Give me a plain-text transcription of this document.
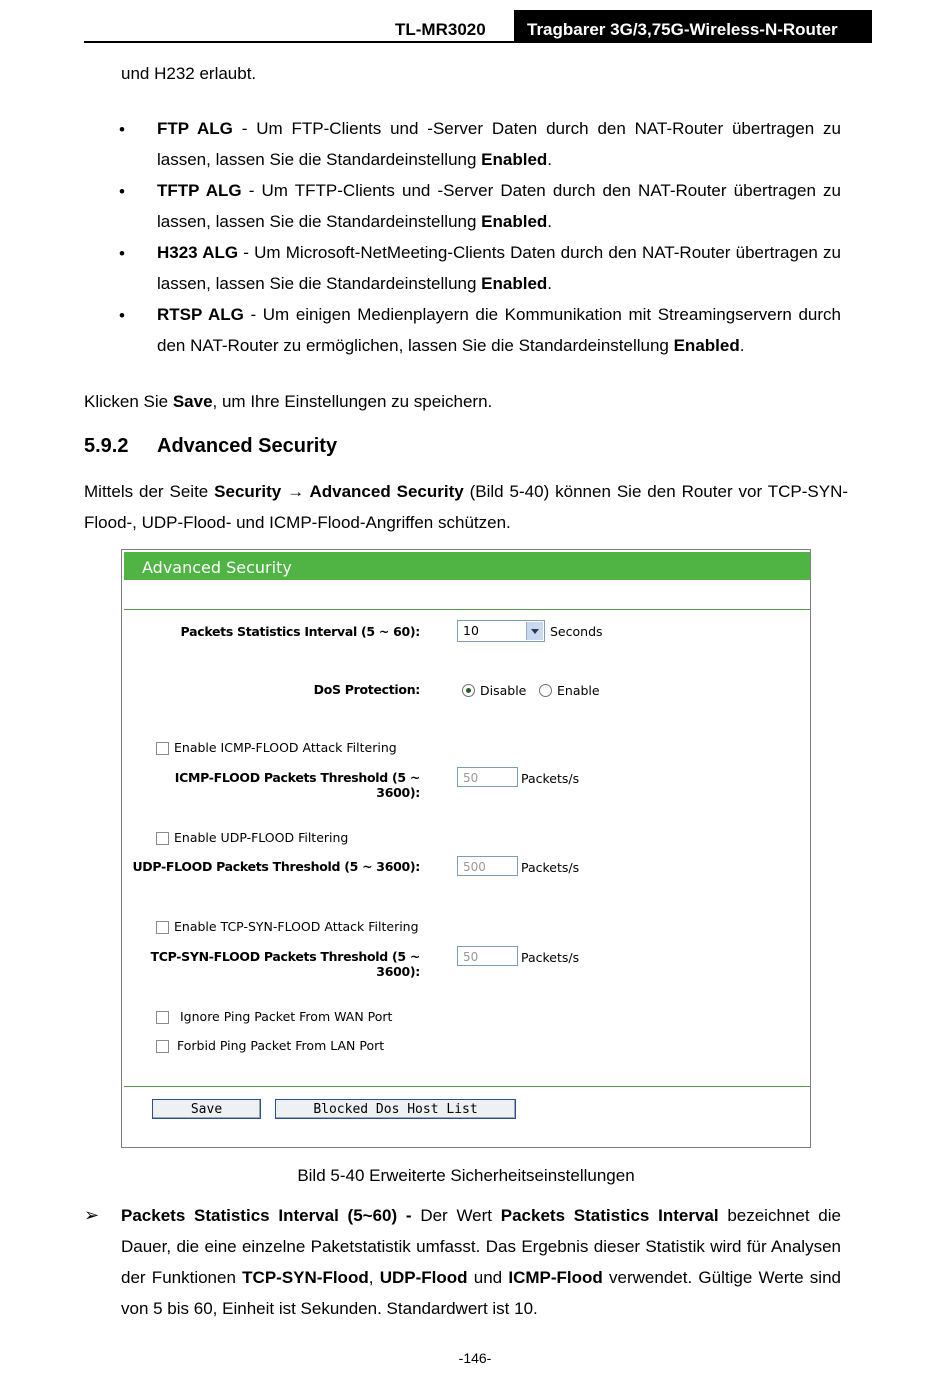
TL-MR3020 Tragbarer 3G/3,75G-Wireless-N-Router
und H232 erlaubt.
• FTP ALG - Um FTP-Clients und -Server Daten durch den NAT-Router übertragen zu lassen, lassen Sie die Standardeinstellung Enabled.
• TFTP ALG - Um TFTP-Clients und -Server Daten durch den NAT-Router übertragen zu lassen, lassen Sie die Standardeinstellung Enabled.
• H323 ALG - Um Microsoft-NetMeeting-Clients Daten durch den NAT-Router übertragen zu lassen, lassen Sie die Standardeinstellung Enabled.
• RTSP ALG - Um einigen Medienplayern die Kommunikation mit Streamingservern durch den NAT-Router zu ermöglichen, lassen Sie die Standardeinstellung Enabled.
Klicken Sie Save, um Ihre Einstellungen zu speichern.
5.9.2 Advanced Security
Mittels der Seite Security → Advanced Security (Bild 5-40) können Sie den Router vor TCP-SYN-Flood-, UDP-Flood- und ICMP-Flood-Angriffen schützen.
Advanced Security
Packets Statistics Interval (5 ~ 60):	10	Seconds
DoS Protection:	Disable Enable
Enable ICMP-FLOOD Attack Filtering
ICMP-FLOOD Packets Threshold (5 ~ 3600):
50	Packets/s
Enable UDP-FLOOD Filtering
UDP-FLOOD Packets Threshold (5 ~ 3600):	500	Packets/s
Enable TCP-SYN-FLOOD Attack Filtering
TCP-SYN-FLOOD Packets Threshold (5 ~ 3600):
50	Packets/s
Ignore Ping Packet From WAN Port
Forbid Ping Packet From LAN Port
Save	Blocked Dos Host List
Bild 5-40 Erweiterte Sicherheitseinstellungen
➢ Packets Statistics Interval (5~60) - Der Wert Packets Statistics Interval bezeichnet die Dauer, die eine einzelne Paketstatistik umfasst. Das Ergebnis dieser Statistik wird für Analysen der Funktionen TCP-SYN-Flood, UDP-Flood und ICMP-Flood verwendet. Gültige Werte sind von 5 bis 60, Einheit ist Sekunden. Standardwert ist 10.
-146-
